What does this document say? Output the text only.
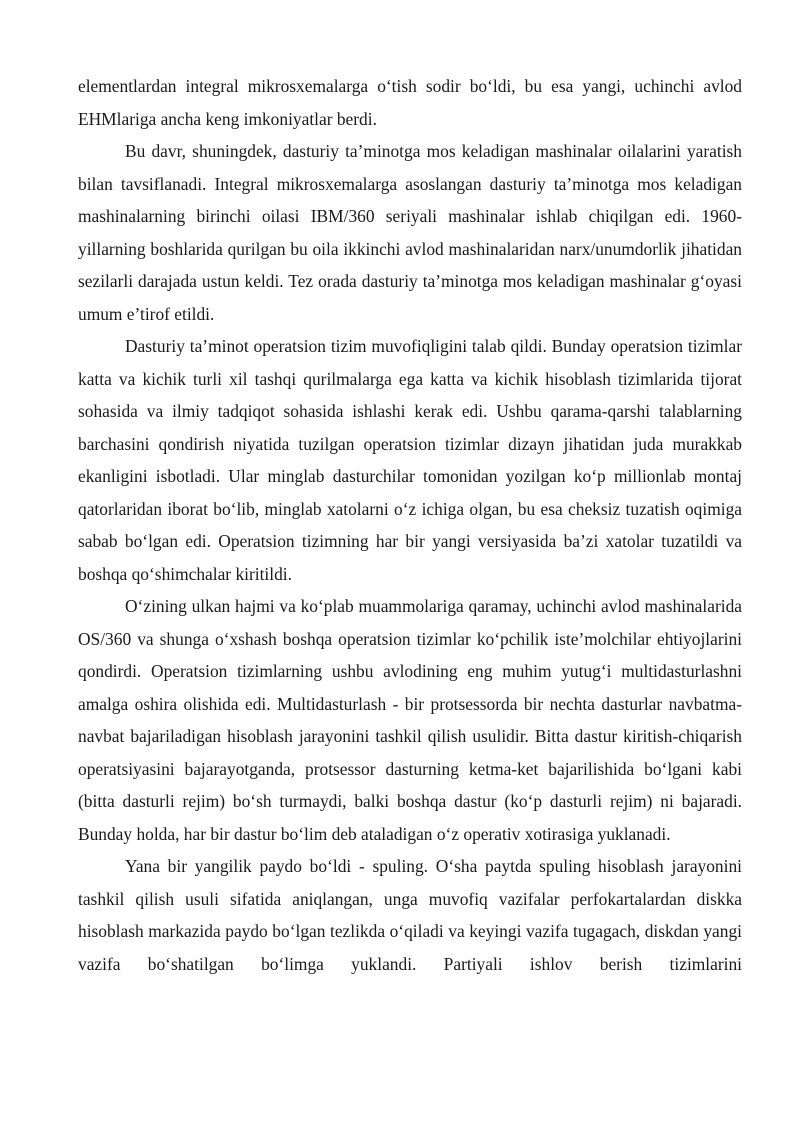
elementlardan integral mikrosxemalarga o‘tish sodir bo‘ldi, bu esa yangi, uchinchi avlod EHMlariga ancha keng imkoniyatlar berdi.

Bu davr, shuningdek, dasturiy ta’minotga mos keladigan mashinalar oilalarini yaratish bilan tavsiflanadi. Integral mikrosxemalarga asoslangan dasturiy ta’minotga mos keladigan mashinalarning birinchi oilasi IBM/360 seriyali mashinalar ishlab chiqilgan edi. 1960-yillarning boshlarida qurilgan bu oila ikkinchi avlod mashinalaridan narx/unumdorlik jihatidan sezilarli darajada ustun keldi. Tez orada dasturiy ta’minotga mos keladigan mashinalar g‘oyasi umum e’tirof etildi.

Dasturiy ta’minot operatsion tizim muvofiqligini talab qildi. Bunday operatsion tizimlar katta va kichik turli xil tashqi qurilmalarga ega katta va kichik hisoblash tizimlarida tijorat sohasida va ilmiy tadqiqot sohasida ishlashi kerak edi. Ushbu qarama-qarshi talablarning barchasini qondirish niyatida tuzilgan operatsion tizimlar dizayn jihatidan juda murakkab ekanligini isbotladi. Ular minglab dasturchilar tomonidan yozilgan ko‘p millionlab montaj qatorlaridan iborat bo‘lib, minglab xatolarni o‘z ichiga olgan, bu esa cheksiz tuzatish oqimiga sabab bo‘lgan edi. Operatsion tizimning har bir yangi versiyasida ba’zi xatolar tuzatildi va boshqa qo‘shimchalar kiritildi.

O‘zining ulkan hajmi va ko‘plab muammolariga qaramay, uchinchi avlod mashinalarida OS/360 va shunga o‘xshash boshqa operatsion tizimlar ko‘pchilik iste’molchilar ehtiyojlarini qondirdi. Operatsion tizimlarning ushbu avlodining eng muhim yutug‘i multidasturlashni amalga oshira olishida edi. Multidasturlash - bir protsessorda bir nechta dasturlar navbatma-navbat bajariladigan hisoblash jarayonini tashkil qilish usulidir. Bitta dastur kiritish-chiqarish operatsiyasini bajarayotganda, protsessor dasturning ketma-ket bajarilishida bo‘lgani kabi (bitta dasturli rejim) bo‘sh turmaydi, balki boshqa dastur (ko‘p dasturli rejim) ni bajaradi. Bunday holda, har bir dastur bo‘lim deb ataladigan o‘z operativ xotirasiga yuklanadi.

Yana bir yangilik paydo bo‘ldi - spuling. O‘sha paytda spuling hisoblash jarayonini tashkil qilish usuli sifatida aniqlangan, unga muvofiq vazifalar perfokartalardan diskka hisoblash markazida paydo bo‘lgan tezlikda o‘qiladi va keyingi vazifa tugagach, diskdan yangi vazifa bo‘shatilgan bo‘limga yuklandi. Partiyali ishlov berish tizimlarini
